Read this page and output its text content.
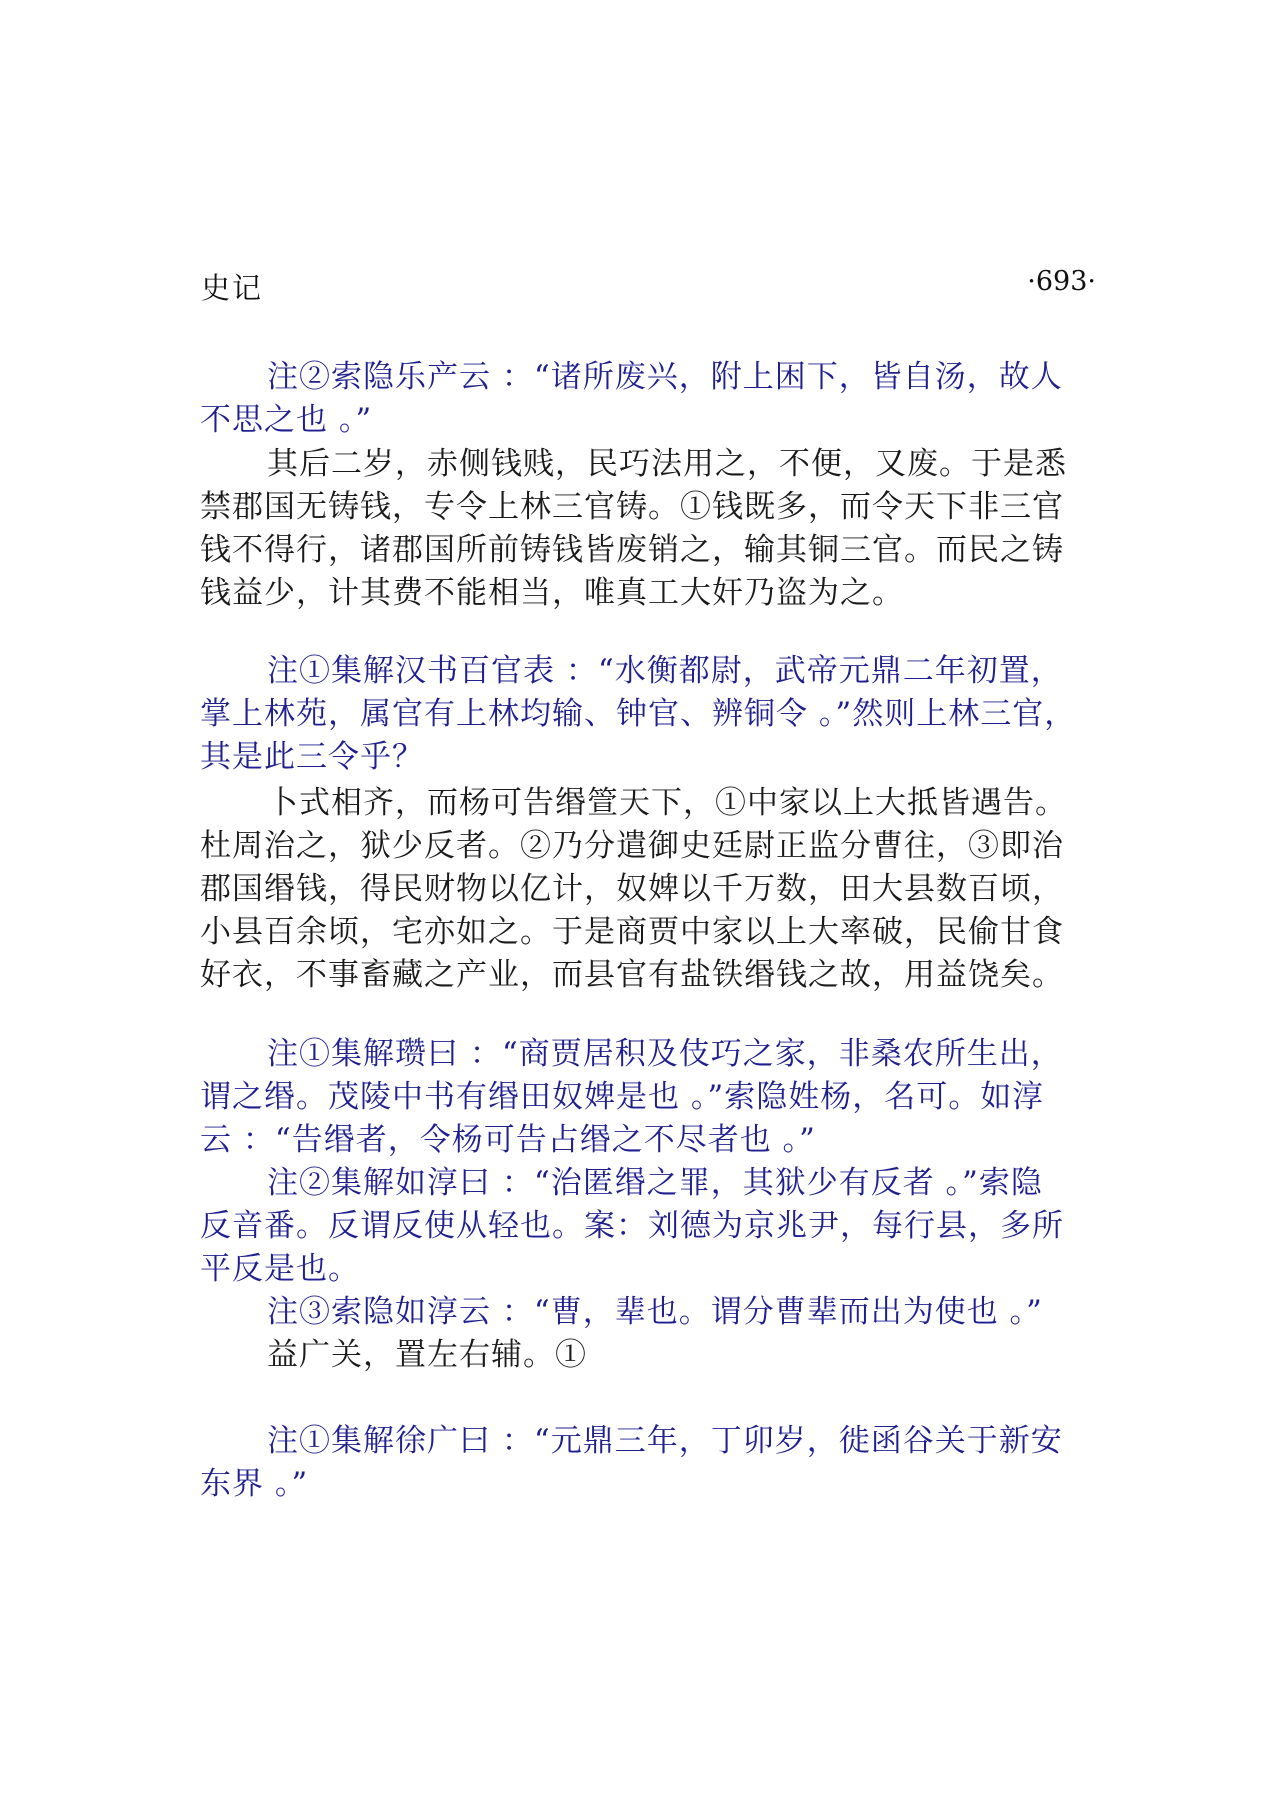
史记	·693·
注②索隐乐产云 ：“诸所废兴，附上困下，皆自汤，故人
不思之也 。”
其后二岁，赤侧钱贱，民巧法用之，不便，又废。于是悉
禁郡国无铸钱，专令上林三官铸。①钱既多，而令天下非三官
钱不得行，诸郡国所前铸钱皆废销之，输其铜三官。而民之铸
钱益少，计其费不能相当，唯真工大奸乃盗为之。
注①集解汉书百官表 ：“水衡都尉，武帝元鼎二年初置，
掌上林苑，属官有上林均输、钟官、辨铜令 。”然则上林三官，
其是此三令乎？
卜式相齐，而杨可告缗箮天下，①中家以上大抵皆遇告。
杜周治之，狱少反者。②乃分遣御史廷尉正监分曹往，③即治
郡国缗钱，得民财物以亿计，奴婢以千万数，田大县数百顷，
小县百余顷，宅亦如之。于是商贾中家以上大率破，民偷甘食
好衣，不事畜藏之产业，而县官有盐铁缗钱之故，用益饶矣。
注①集解瓒曰 ：“商贾居积及伎巧之家，非桑农所生出，
谓之缗。茂陵中书有缗田奴婢是也 。”索隐姓杨，名可。如淳
云 ：“告缗者，令杨可告占缗之不尽者也 。”
注②集解如淳曰 ：“治匿缗之罪，其狱少有反者 。”索隐
反音番。反谓反使从轻也。案：刘德为京兆尹，每行县，多所
平反是也。
注③索隐如淳云 ：“曹，辈也。谓分曹辈而出为使也 。”
益广关，置左右辅。①
注①集解徐广曰 ：“元鼎三年，丁卯岁，徙函谷关于新安
东界 。”
